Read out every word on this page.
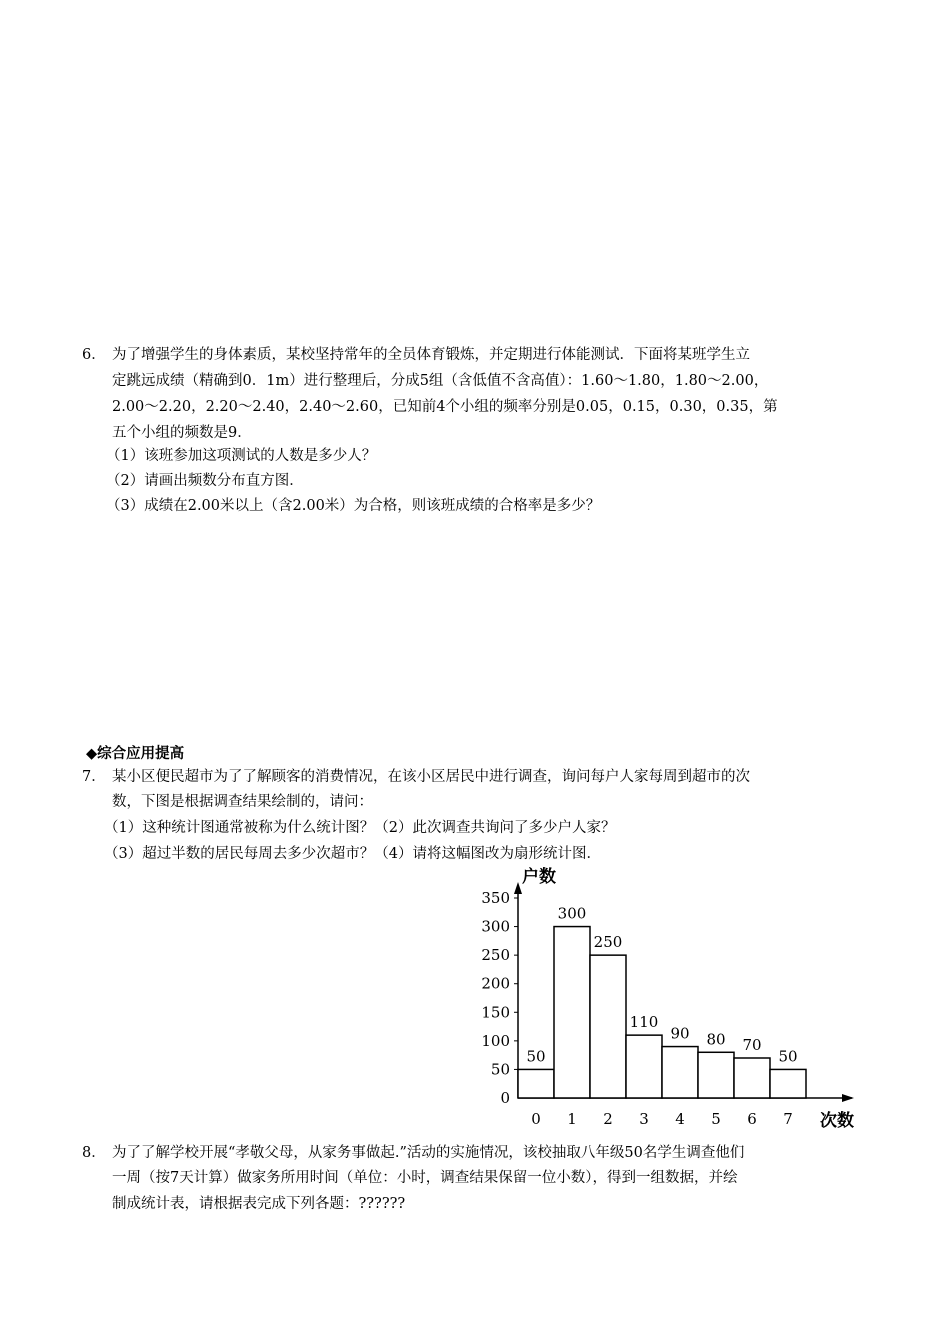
6． 为了增强学生的身体素质，某校坚持常年的全员体育锻炼，并定期进行体能测试．下面将某班学生立
定跳远成绩（精确到0．1m）进行整理后，分成5组（含低值不含高值）：1.60～1.80，1.80～2.00，
2.00～2.20，2.20～2.40，2.40～2.60，已知前4个小组的频率分别是0.05，0.15，0.30，0.35，第
五个小组的频数是9．
（1）该班参加这项测试的人数是多少人？
（2）请画出频数分布直方图．
（3）成绩在2.00米以上（含2.00米）为合格，则该班成绩的合格率是多少？
◆综合应用提高
7． 某小区便民超市为了了解顾客的消费情况，在该小区居民中进行调查，询问每户人家每周到超市的次
数，下图是根据调查结果绘制的，请问：
（1）这种统计图通常被称为什么统计图？（2）此次调查共询问了多少户人家？
（3）超过半数的居民每周去多少次超市？（4）请将这幅图改为扇形统计图．
0
50
100
150
200
250
300
350
50
0
300
1
250
2
110
3
90
4
80
5
70
6
50
7
户数
次数
8． 为了了解学校开展“孝敬父母，从家务事做起.”活动的实施情况，该校抽取八年级50名学生调查他们
一周（按7天计算）做家务所用时间（单位：小时，调查结果保留一位小数），得到一组数据，并绘
制成统计表，请根据表完成下列各题：??????
